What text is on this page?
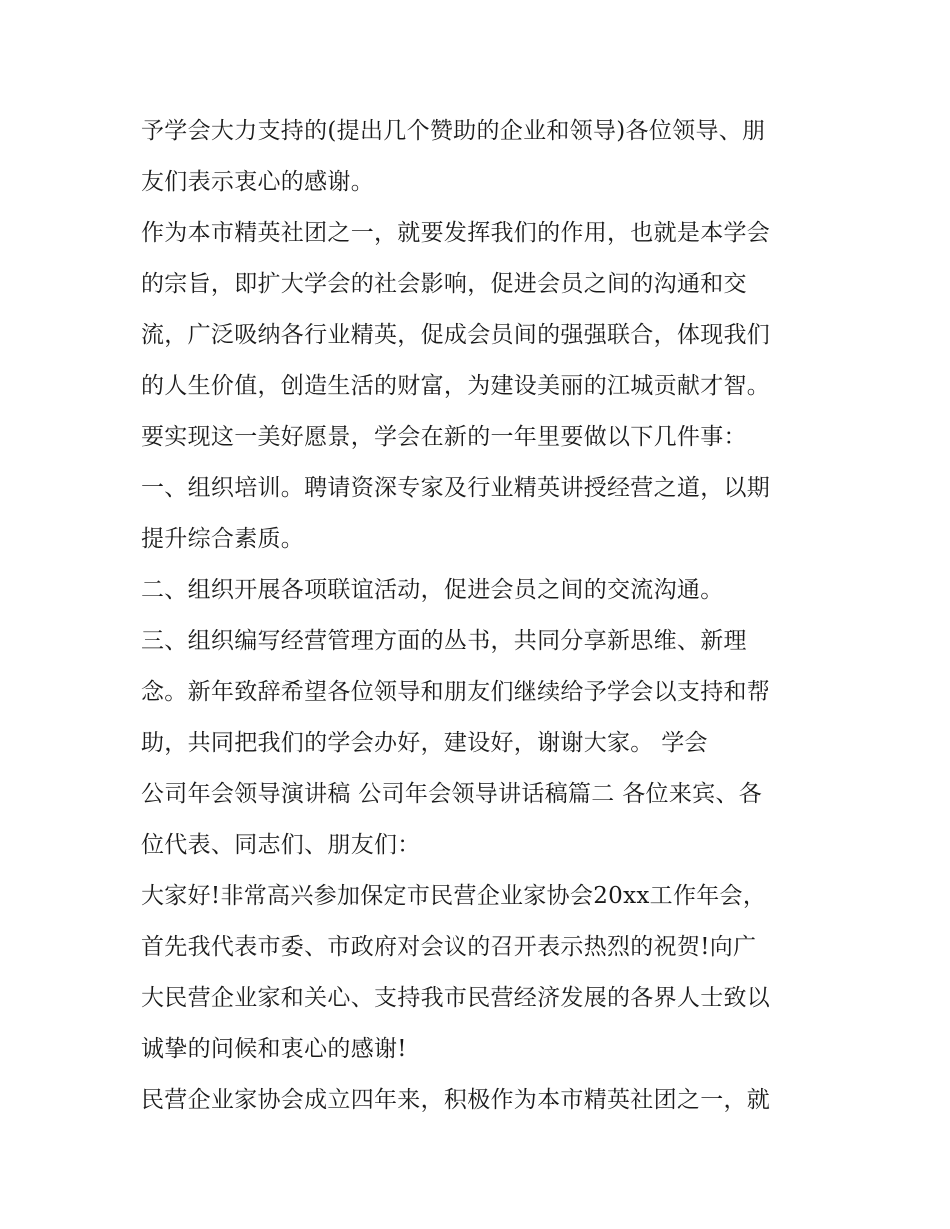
予学会大力支持的(提出几个赞助的企业和领导)各位领导、朋
友们表示衷心的感谢。
作为本市精英社团之一，就要发挥我们的作用，也就是本学会
的宗旨，即扩大学会的社会影响，促进会员之间的沟通和交
流，广泛吸纳各行业精英，促成会员间的强强联合，体现我们
的人生价值，创造生活的财富，为建设美丽的江城贡献才智。
要实现这一美好愿景，学会在新的一年里要做以下几件事：
一、组织培训。聘请资深专家及行业精英讲授经营之道，以期
提升综合素质。
二、组织开展各项联谊活动，促进会员之间的交流沟通。
三、组织编写经营管理方面的丛书，共同分享新思维、新理
念。新年致辞希望各位领导和朋友们继续给予学会以支持和帮
助，共同把我们的学会办好，建设好，谢谢大家。 学会
公司年会领导演讲稿 公司年会领导讲话稿篇二 各位来宾、各
位代表、同志们、朋友们：
大家好!非常高兴参加保定市民营企业家协会20xx工作年会，
首先我代表市委、市政府对会议的召开表示热烈的祝贺!向广
大民营企业家和关心、支持我市民营经济发展的各界人士致以
诚挚的问候和衷心的感谢!
民营企业家协会成立四年来，积极作为本市精英社团之一，就
